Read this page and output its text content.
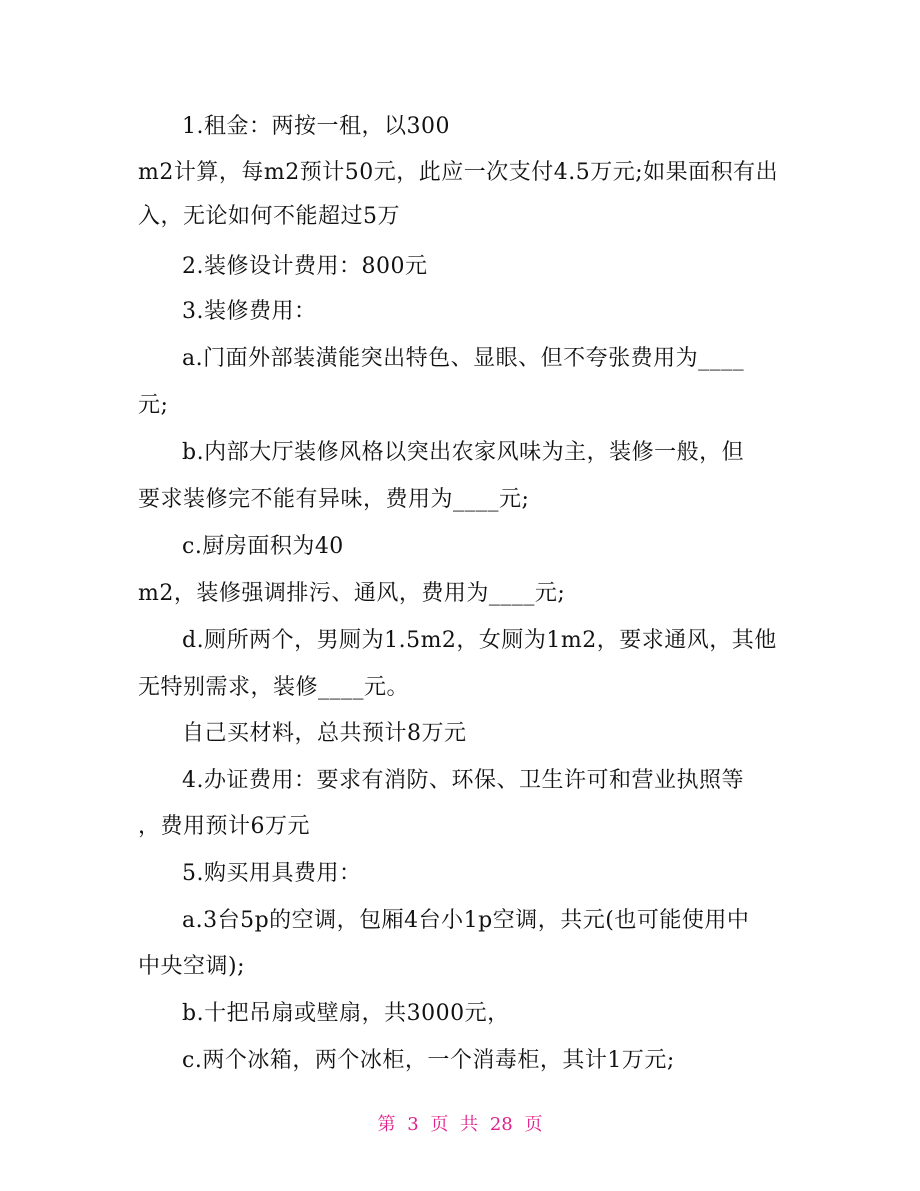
1.租金：两按一租，以300
m2计算，每m2预计50元，此应一次支付4.5万元;如果面积有出
入，无论如何不能超过5万
2.装修设计费用：800元
3.装修费用：
a.门面外部装潢能突出特色、显眼、但不夸张费用为____
元;
b.内部大厅装修风格以突出农家风味为主，装修一般，但
要求装修完不能有异味，费用为____元;
c.厨房面积为40
m2，装修强调排污、通风，费用为____元;
d.厕所两个，男厕为1.5m2，女厕为1m2，要求通风，其他
无特别需求，装修____元。
自己买材料，总共预计8万元
4.办证费用：要求有消防、环保、卫生许可和营业执照等
，费用预计6万元
5.购买用具费用：
a.3台5p的空调，包厢4台小1p空调，共元(也可能使用中
中央空调);
b.十把吊扇或壁扇，共3000元，
c.两个冰箱，两个冰柜，一个消毒柜，其计1万元;
第 3 页 共 28 页
